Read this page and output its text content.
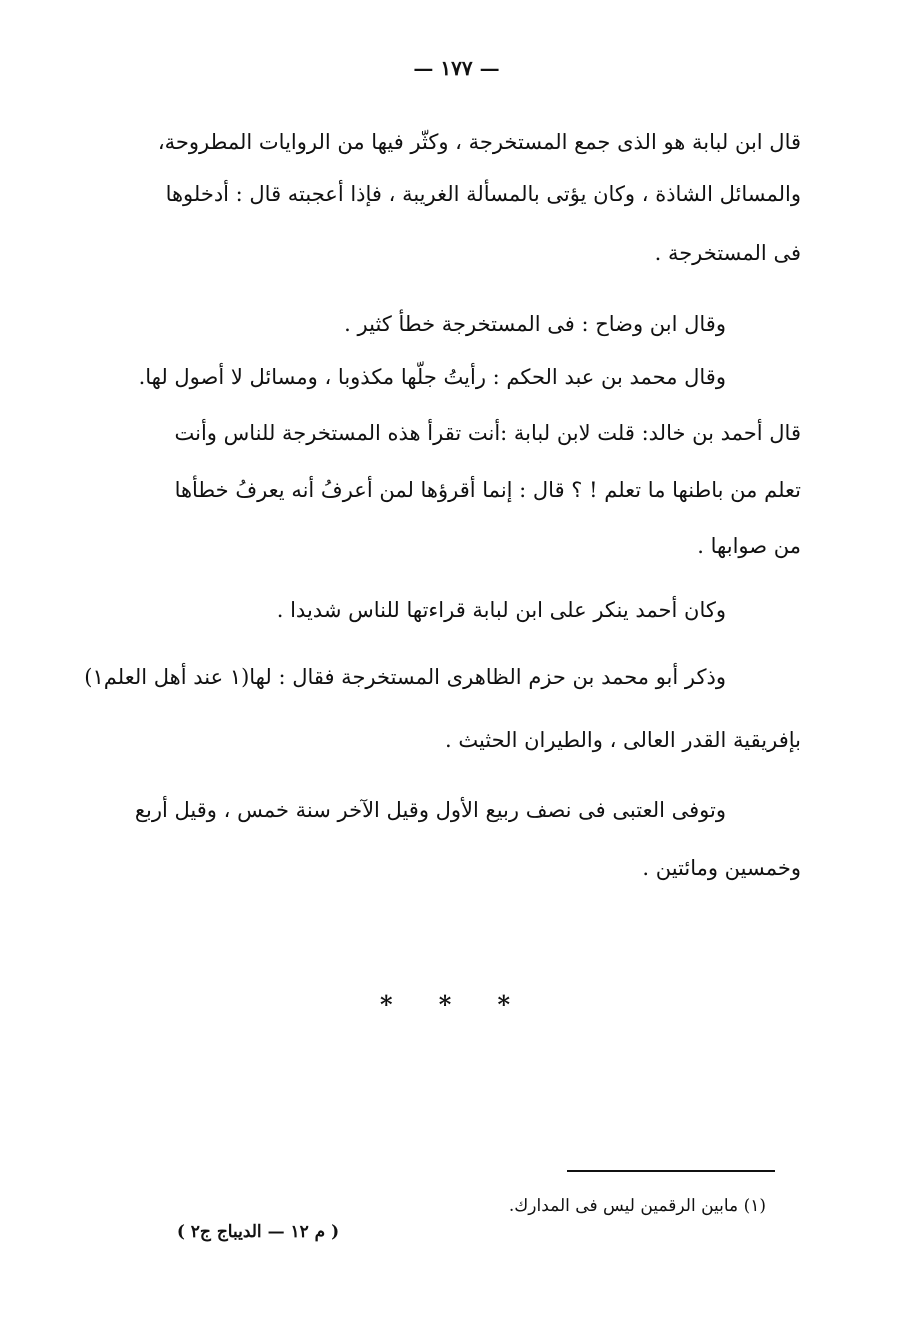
— ١٧٧ —
قال ابن لبابة هو الذى جمع المستخرجة ، وكثّر فيها من الروايات المطروحة،
والمسائل الشاذة ، وكان يؤتى بالمسألة الغريبة ، فإذا أعجبته قال : أدخلوها
فى المستخرجة .
وقال ابن وضاح : فى المستخرجة خطأ كثير .
وقال محمد بن عبد الحكم : رأيتُ جلّها مكذوبا ، ومسائل لا أصول لها.
قال أحمد بن خالد: قلت لابن لبابة :أنت تقرأ هذه المستخرجة للناس وأنت
تعلم من باطنها ما تعلم ! ؟ قال : إنما أقرؤها لمن أعرفُ أنه يعرفُ خطأها
من صوابها .
وكان أحمد ينكر على ابن لبابة قراءتها للناس شديدا .
وذكر أبو محمد بن حزم الظاهرى المستخرجة فقال : لها(١ عند أهل العلم١)
بإفريقية القدر العالى ، والطيران الحثيث .
وتوفى العتبى فى نصف ربيع الأول وقيل الآخر سنة خمس ، وقيل أربع
وخمسين ومائتين .
* * *
(١) مابين الرقمين ليس فى المدارك.
( م ١٢ — الديباج ج٢ )
